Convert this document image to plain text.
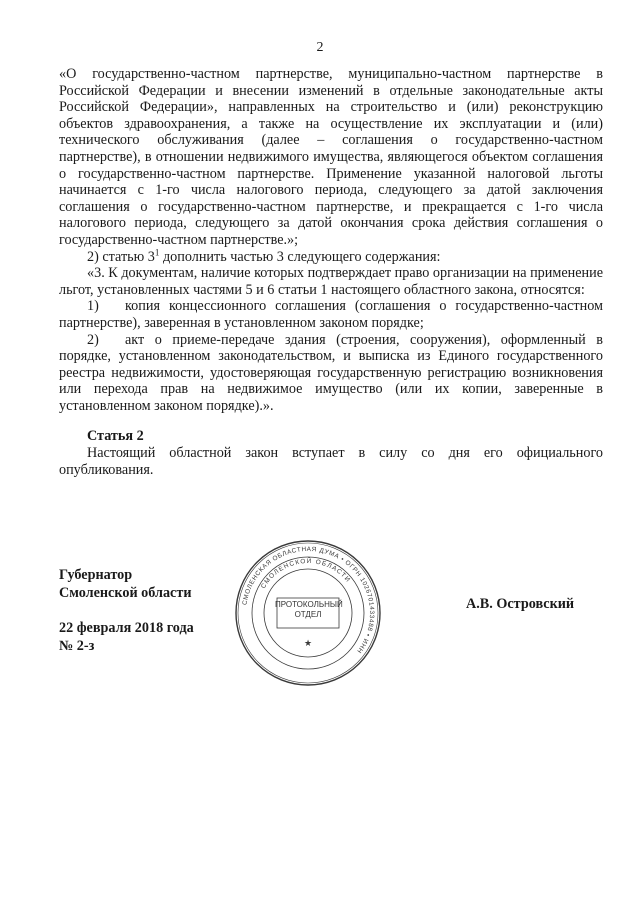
2

«О государственно-частном партнерстве, муниципально-частном партнерстве в Российской Федерации и внесении изменений в отдельные законодательные акты Российской Федерации», направленных на строительство и (или) реконструкцию объектов здравоохранения, а также на осуществление их эксплуатации и (или) технического обслуживания (далее – соглашения о государственно-частном партнерстве), в отношении недвижимого имущества, являющегося объектом соглашения о государственно-частном партнерстве. Применение указанной налоговой льготы начинается с 1-го числа налогового периода, следующего за датой заключения соглашения о государственно-частном партнерстве, и прекращается с 1-го числа налогового периода, следующего за датой окончания срока действия соглашения о государственно-частном партнерстве.»;

2) статью $3^1$ дополнить частью 3 следующего содержания:

«3. К документам, наличие которых подтверждает право организации на применение льгот, установленных частями 5 и 6 статьи 1 настоящего областного закона, относятся:

1) копия концессионного соглашения (соглашения о государственно-частном партнерстве), заверенная в установленном законом порядке;

2) акт о приеме-передаче здания (строения, сооружения), оформленный в порядке, установленном законодательством, и выписка из Единого государственного реестра недвижимости, удостоверяющая государственную регистрацию возникновения или перехода прав на недвижимое имущество (или их копии, заверенные в установленном законом порядке).».

Статья 2

Настоящий областной закон вступает в силу со дня его официального опубликования.

Губернатор
Смоленской области
22 февраля 2018 года
№ 2-з
А.В. Островский
СМОЛЕНСКАЯ ОБЛАСТНАЯ ДУМА • ОГРН 1026701433488 • ИНН
СМОЛЕНСКОЙ ОБЛАСТИ
★
ПРОТОКОЛЬНЫЙ
ОТДЕЛ
